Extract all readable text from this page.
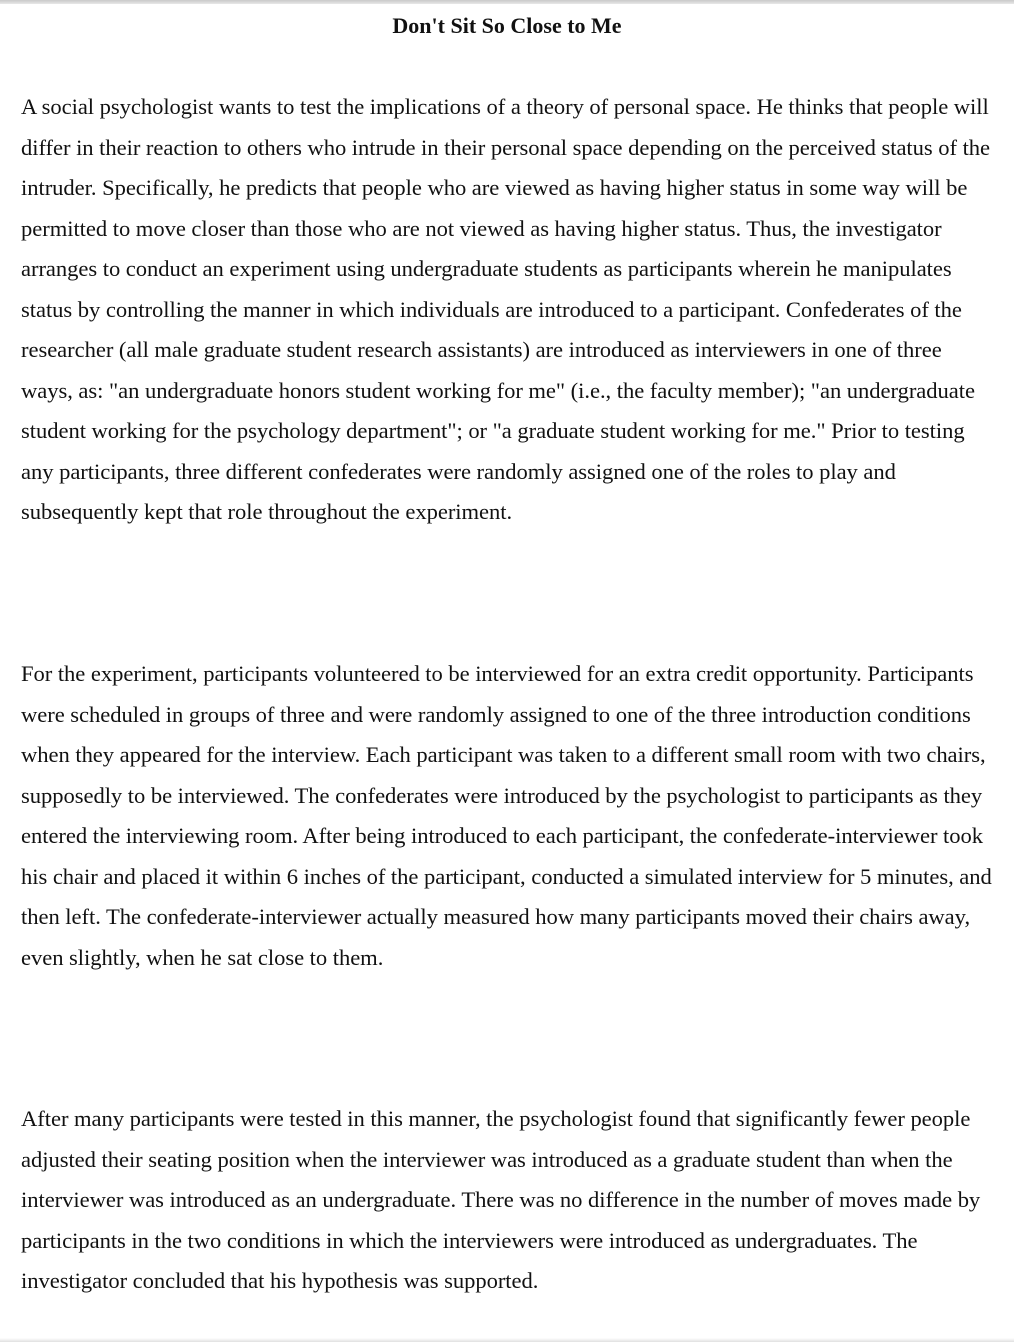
Don't Sit So Close to Me

A social psychologist wants to test the implications of a theory of personal space. He thinks that people will differ in their reaction to others who intrude in their personal space depending on the perceived status of the intruder. Specifically, he predicts that people who are viewed as having higher status in some way will be permitted to move closer than those who are not viewed as having higher status. Thus, the investigator arranges to conduct an experiment using undergraduate students as participants wherein he manipulates status by controlling the manner in which individuals are introduced to a participant. Confederates of the researcher (all male graduate student research assistants) are introduced as interviewers in one of three ways, as: "an undergraduate honors student working for me" (i.e., the faculty member); "an undergraduate student working for the psychology department"; or "a graduate student working for me." Prior to testing any participants, three different confederates were randomly assigned one of the roles to play and subsequently kept that role throughout the experiment.

For the experiment, participants volunteered to be interviewed for an extra credit opportunity. Participants were scheduled in groups of three and were randomly assigned to one of the three introduction conditions when they appeared for the interview. Each participant was taken to a different small room with two chairs, supposedly to be interviewed. The confederates were introduced by the psychologist to participants as they entered the interviewing room. After being introduced to each participant, the confederate-interviewer took his chair and placed it within 6 inches of the participant, conducted a simulated interview for 5 minutes, and then left. The confederate-interviewer actually measured how many participants moved their chairs away, even slightly, when he sat close to them.

After many participants were tested in this manner, the psychologist found that significantly fewer people adjusted their seating position when the interviewer was introduced as a graduate student than when the interviewer was introduced as an undergraduate. There was no difference in the number of moves made by participants in the two conditions in which the interviewers were introduced as undergraduates. The investigator concluded that his hypothesis was supported.
